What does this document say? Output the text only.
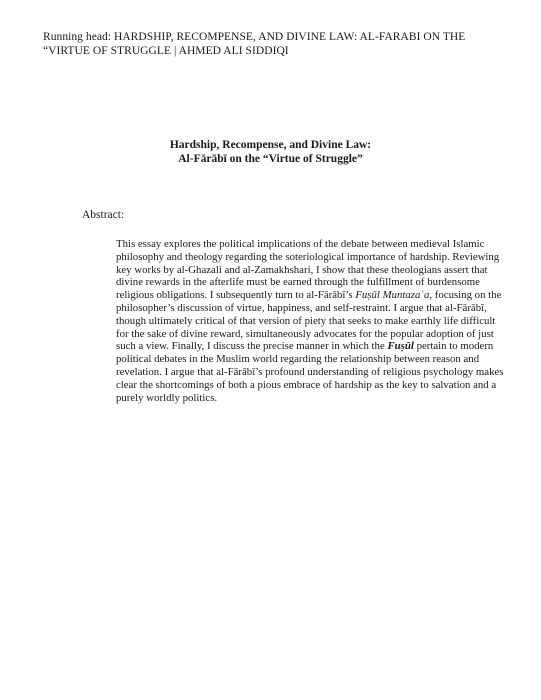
Running head: HARDSHIP, RECOMPENSE, AND DIVINE LAW: AL-FARABI ON THE “VIRTUE OF STRUGGLE | AHMED ALI SIDDIQI
Hardship, Recompense, and Divine Law:
Al-Fārābī on the “Virtue of Struggle”
Abstract:
This essay explores the political implications of the debate between medieval Islamic philosophy and theology regarding the soteriological importance of hardship. Reviewing key works by al-Ghazali and al-Zamakhshari, I show that these theologians assert that divine rewards in the afterlife must be earned through the fulfillment of burdensome religious obligations. I subsequently turn to al-Fārābī’s Fuṣūl Muntazaʿa, focusing on the philosopher’s discussion of virtue, happiness, and self-restraint. I argue that al-Fārābī, though ultimately critical of that version of piety that seeks to make earthly life difficult for the sake of divine reward, simultaneously advocates for the popular adoption of just such a view. Finally, I discuss the precise manner in which the Fuṣūl pertain to modern political debates in the Muslim world regarding the relationship between reason and revelation. I argue that al-Fārābī’s profound understanding of religious psychology makes clear the shortcomings of both a pious embrace of hardship as the key to salvation and a purely worldly politics.
